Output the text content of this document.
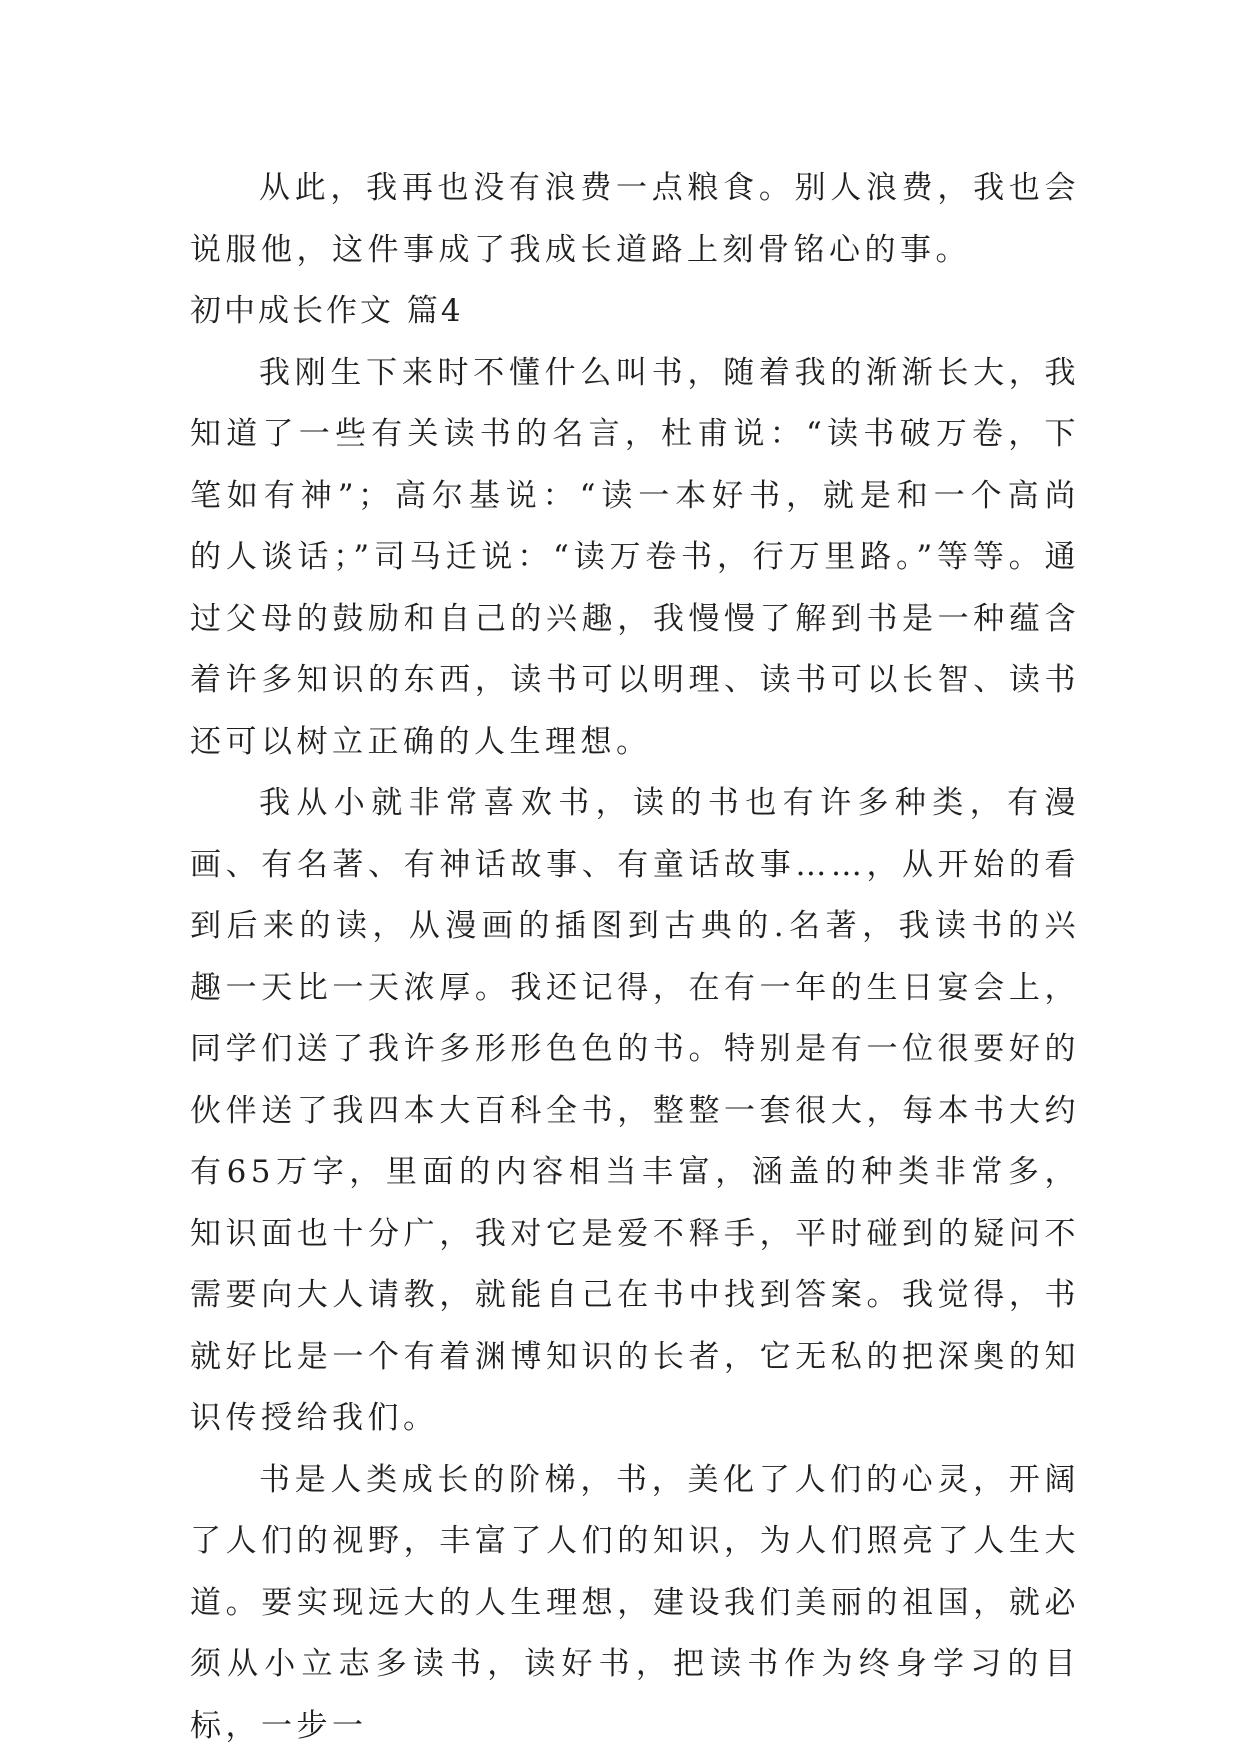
从此，我再也没有浪费一点粮食。别人浪费，我也会说服他，这件事成了我成长道路上刻骨铭心的事。

初中成长作文 篇4

我刚生下来时不懂什么叫书，随着我的渐渐长大，我知道了一些有关读书的名言，杜甫说：“读书破万卷，下笔如有神”；高尔基说：“读一本好书，就是和一个高尚的人谈话；”司马迁说：“读万卷书，行万里路。”等等。通过父母的鼓励和自己的兴趣，我慢慢了解到书是一种蕴含着许多知识的东西，读书可以明理、读书可以长智、读书还可以树立正确的人生理想。

我从小就非常喜欢书，读的书也有许多种类，有漫画、有名著、有神话故事、有童话故事……，从开始的看到后来的读，从漫画的插图到古典的.名著，我读书的兴趣一天比一天浓厚。我还记得，在有一年的生日宴会上，同学们送了我许多形形色色的书。特别是有一位很要好的伙伴送了我四本大百科全书，整整一套很大，每本书大约有65万字，里面的内容相当丰富，涵盖的种类非常多，知识面也十分广，我对它是爱不释手，平时碰到的疑问不需要向大人请教，就能自己在书中找到答案。我觉得，书就好比是一个有着渊博知识的长者，它无私的把深奥的知识传授给我们。

书是人类成长的阶梯，书，美化了人们的心灵，开阔了人们的视野，丰富了人们的知识，为人们照亮了人生大道。要实现远大的人生理想，建设我们美丽的祖国，就必须从小立志多读书，读好书，把读书作为终身学习的目标，一步一
